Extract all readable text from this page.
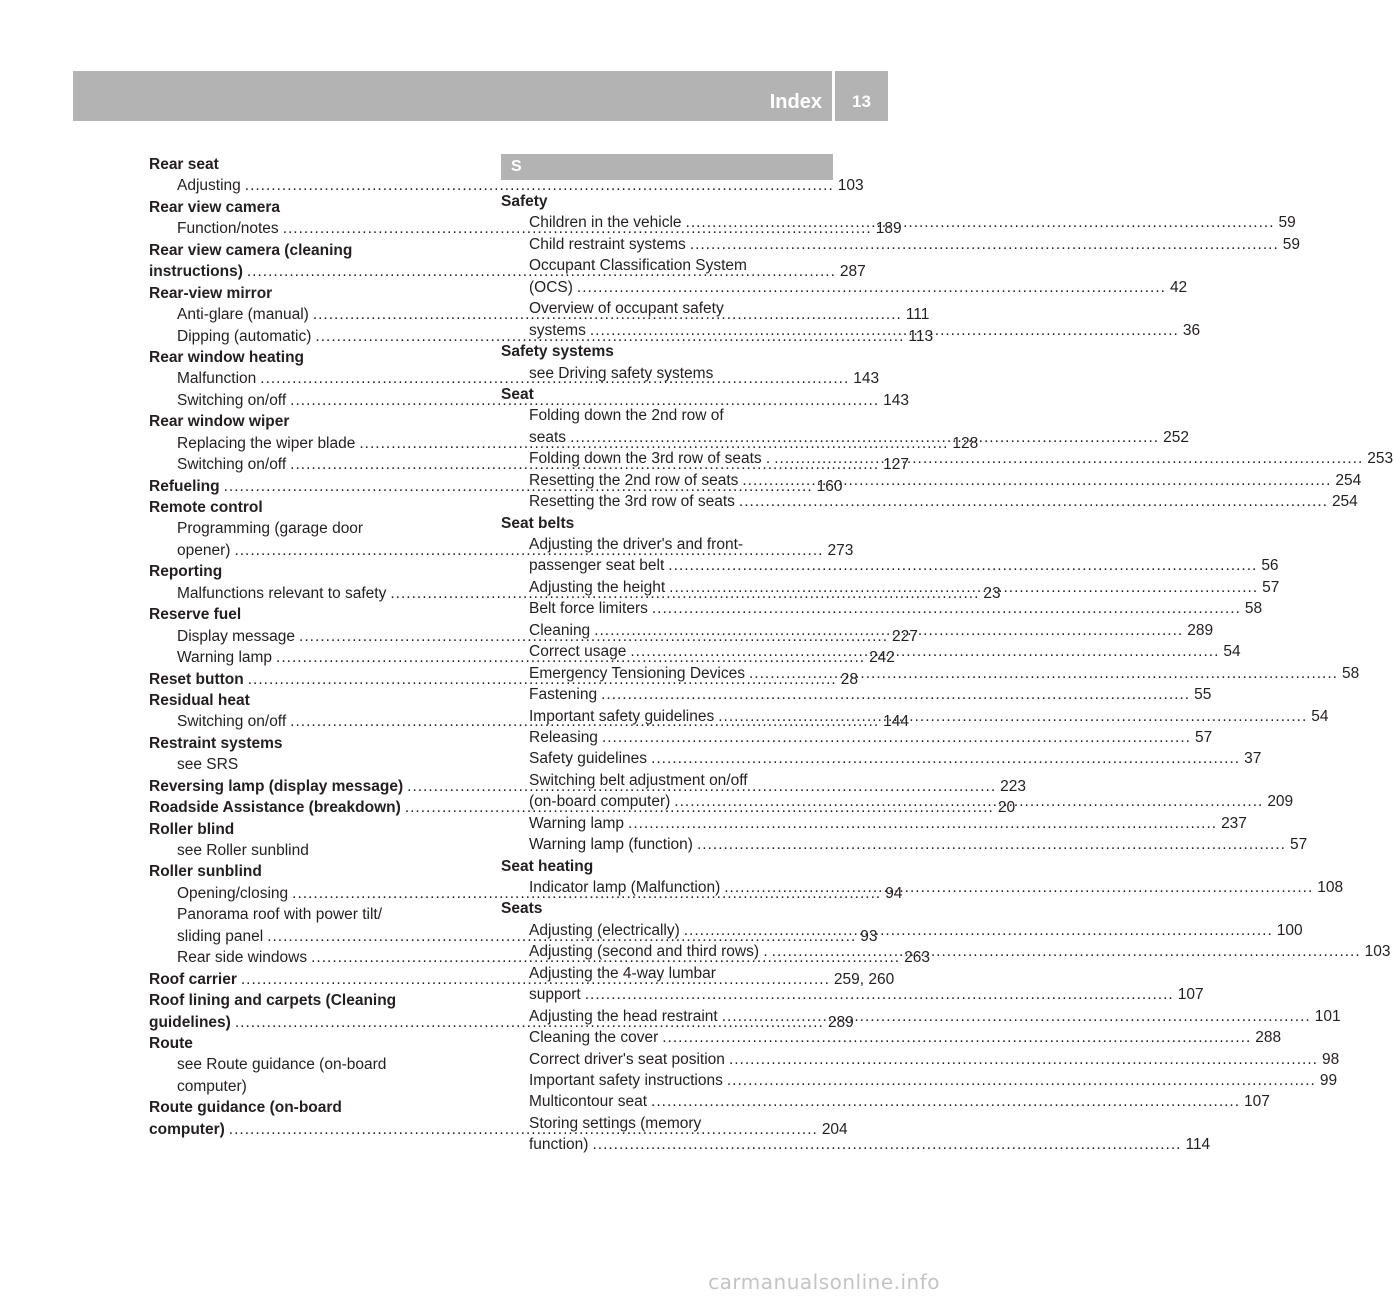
Index	13
Rear seat
Adjusting .....	103
Rear view camera
Function/notes .....	189
Rear view camera (cleaning
instructions) .....	287
Rear-view mirror
Anti-glare (manual) .....	111
Dipping (automatic) .....	113
Rear window heating
Malfunction .....	143
Switching on/off .....	143
Rear window wiper
Replacing the wiper blade .....	128
Switching on/off .....	127
Refueling .....	160
Remote control
Programming (garage door
opener) .....	273
Reporting
Malfunctions relevant to safety .....	23
Reserve fuel
Display message .....	227
Warning lamp .....	242
Reset button .....	28
Residual heat
Switching on/off .....	144
Restraint systems
see SRS
Reversing lamp (display message) .....	223
Roadside Assistance (breakdown) .....	20
Roller blind
see Roller sunblind
Roller sunblind
Opening/closing .....	94
Panorama roof with power tilt/
sliding panel .....	93
Rear side windows .....	263
Roof carrier .....	259, 260
Roof lining and carpets (Cleaning
guidelines) .....	289
Route
see Route guidance (on-board
computer)
Route guidance (on-board
computer) .....	204
S
Safety
Children in the vehicle .....	59
Child restraint systems .....	59
Occupant Classification System
(OCS) .....	42
Overview of occupant safety
systems .....	36
Safety systems
see Driving safety systems
Seat
Folding down the 2nd row of
seats .....	252
Folding down the 3rd row of seats . .....	253
Resetting the 2nd row of seats .....	254
Resetting the 3rd row of seats .....	254
Seat belts
Adjusting the driver's and front-
passenger seat belt .....	56
Adjusting the height .....	57
Belt force limiters .....	58
Cleaning .....	289
Correct usage .....	54
Emergency Tensioning Devices .....	58
Fastening .....	55
Important safety guidelines .....	54
Releasing .....	57
Safety guidelines .....	37
Switching belt adjustment on/off
(on-board computer) .....	209
Warning lamp .....	237
Warning lamp (function) .....	57
Seat heating
Indicator lamp (Malfunction) .....	108
Seats
Adjusting (electrically) .....	100
Adjusting (second and third rows) . .....	103
Adjusting the 4-way lumbar
support .....	107
Adjusting the head restraint .....	101
Cleaning the cover .....	288
Correct driver's seat position .....	98
Important safety instructions .....	99
Multicontour seat .....	107
Storing settings (memory
function) .....	114
carmanualsonline.info
